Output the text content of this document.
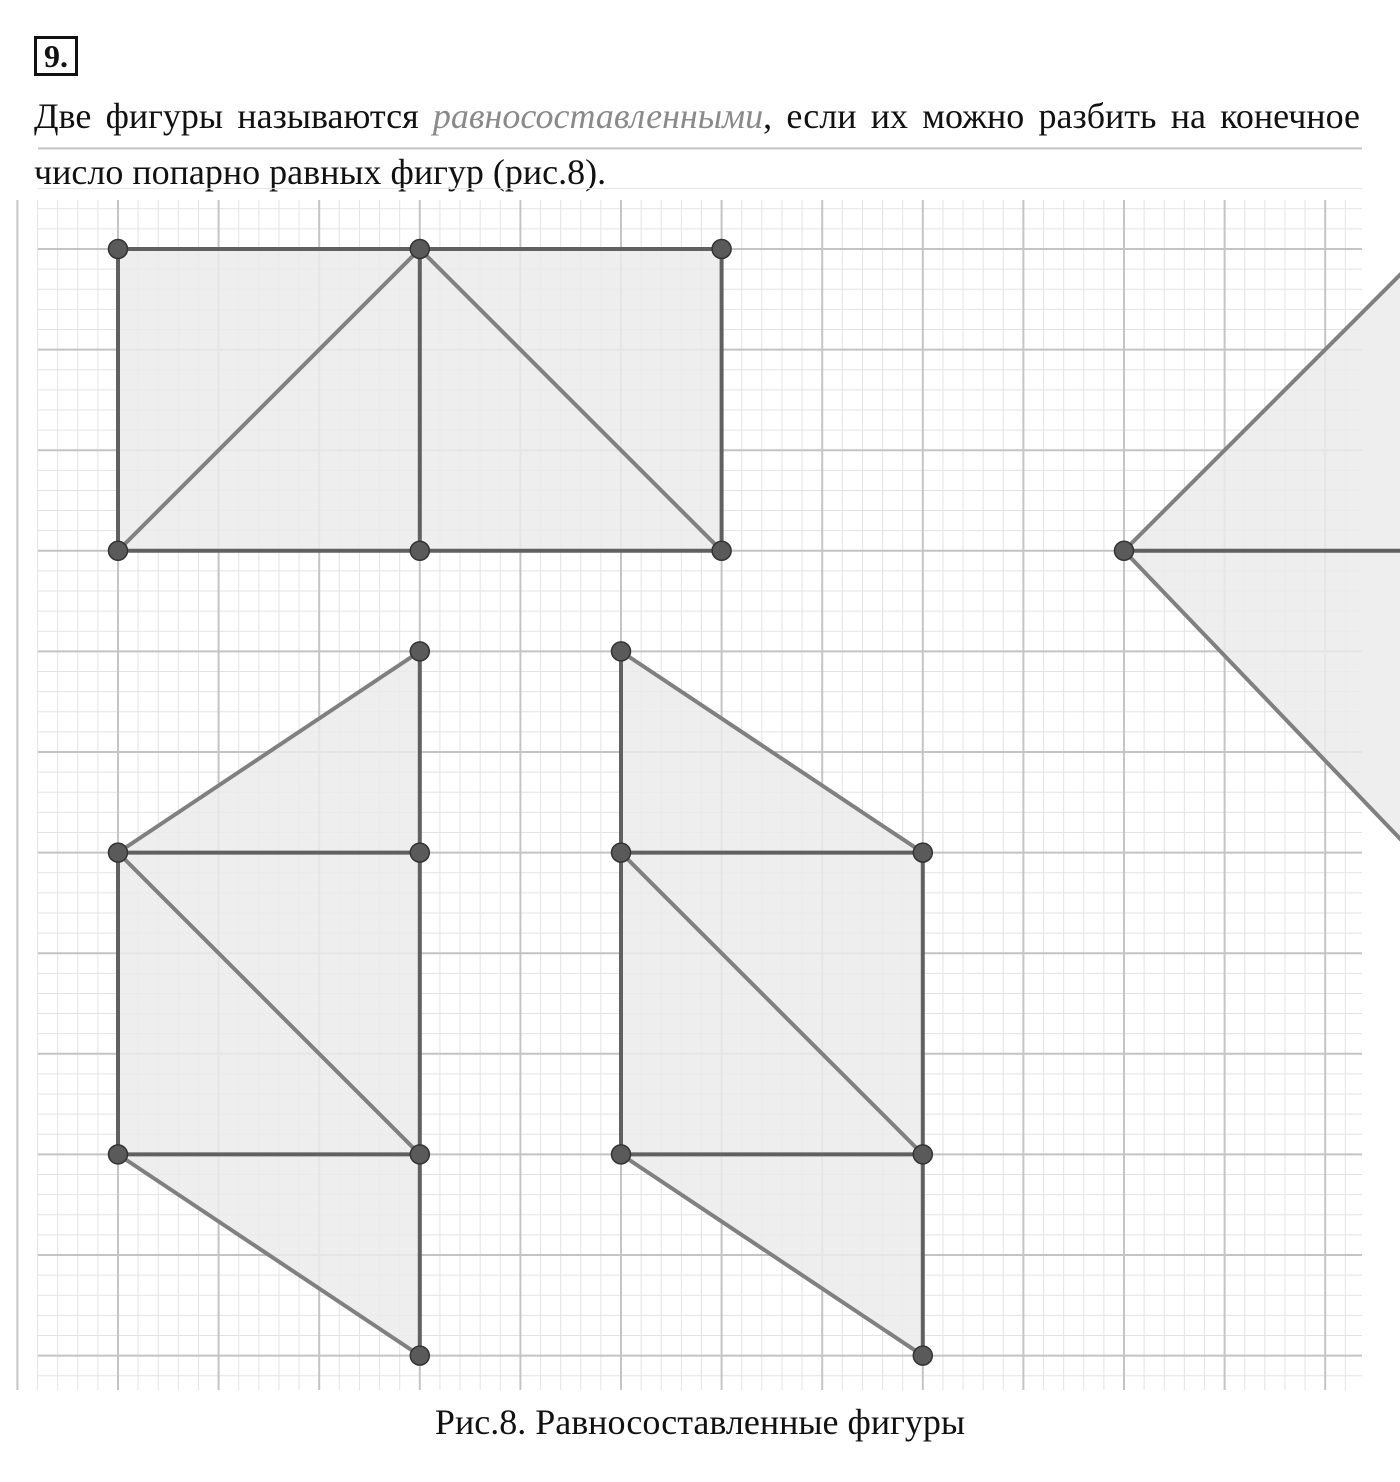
9.

Две фигуры называются равносоставленными, если их можно разбить на конечное число попарно равных фигур (рис.8).

Рис.8. Равносоставленные фигуры
